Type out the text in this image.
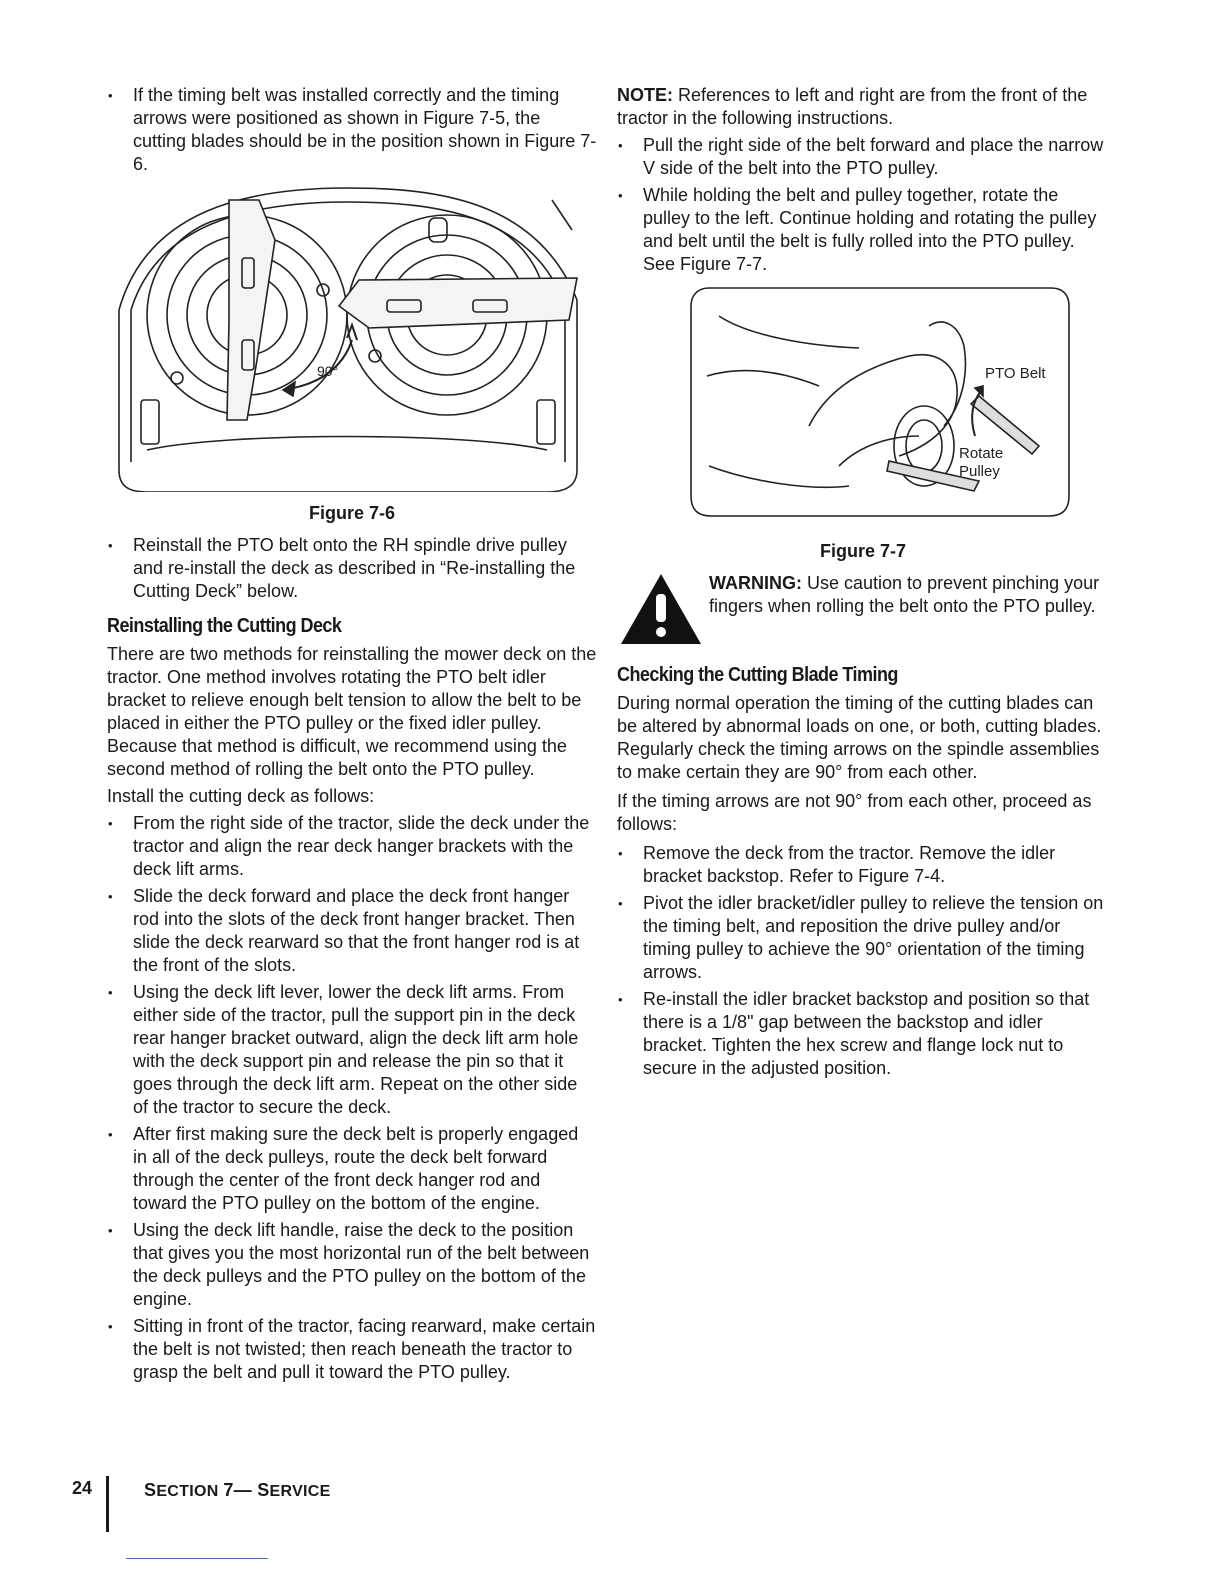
• If the timing belt was installed correctly and the timing arrows were positioned as shown in Figure 7-5, the cutting blades should be in the position shown in Figure 7-6.
90°
Figure 7-6
• Reinstall the PTO belt onto the RH spindle drive pulley and re-install the deck as described in “Re-installing the Cutting Deck” below.
Reinstalling the Cutting Deck

There are two methods for reinstalling the mower deck on the tractor. One method involves rotating the PTO belt idler bracket to relieve enough belt tension to allow the belt to be placed in either the PTO pulley or the fixed idler pulley. Because that method is difficult, we recommend using the second method of rolling the belt onto the PTO pulley.

Install the cutting deck as follows:

• From the right side of the tractor, slide the deck under the tractor and align the rear deck hanger brackets with the deck lift arms.
• Slide the deck forward and place the deck front hanger rod into the slots of the deck front hanger bracket. Then slide the deck rearward so that the front hanger rod is at the front of the slots.
• Using the deck lift lever, lower the deck lift arms. From either side of the tractor, pull the support pin in the deck rear hanger bracket outward, align the deck lift arm hole with the deck support pin and release the pin so that it goes through the deck lift arm. Repeat on the other side of the tractor to secure the deck.
• After first making sure the deck belt is properly engaged in all of the deck pulleys, route the deck belt forward through the center of the front deck hanger rod and toward the PTO pulley on the bottom of the engine.
• Using the deck lift handle, raise the deck to the position that gives you the most horizontal run of the belt between the deck pulleys and the PTO pulley on the bottom of the engine.
• Sitting in front of the tractor, facing rearward, make certain the belt is not twisted; then reach beneath the tractor to grasp the belt and pull it toward the PTO pulley.

NOTE: References to left and right are from the front of the tractor in the following instructions.

• Pull the right side of the belt forward and place the narrow V side of the belt into the PTO pulley.
• While holding the belt and pulley together, rotate the pulley to the left. Continue holding and rotating the pulley and belt until the belt is fully rolled into the PTO pulley. See Figure 7-7.
PTO Belt
Rotate
Pulley
Figure 7-7

WARNING: Use caution to prevent pinching your fingers when rolling the belt onto the PTO pulley.

Checking the Cutting Blade Timing

During normal operation the timing of the cutting blades can be altered by abnormal loads on one, or both, cutting blades. Regularly check the timing arrows on the spindle assemblies to make certain they are 90° from each other.

If the timing arrows are not 90° from each other, proceed as follows:

• Remove the deck from the tractor. Remove the idler bracket backstop. Refer to Figure 7-4.
• Pivot the idler bracket/idler pulley to relieve the tension on the timing belt, and reposition the drive pulley and/or timing pulley to achieve the 90° orientation of the timing arrows.
• Re-install the idler bracket backstop and position so that there is a 1/8" gap between the backstop and idler bracket. Tighten the hex screw and flange lock nut to secure in the adjusted position.
24	SECTION 7— SERVICE
